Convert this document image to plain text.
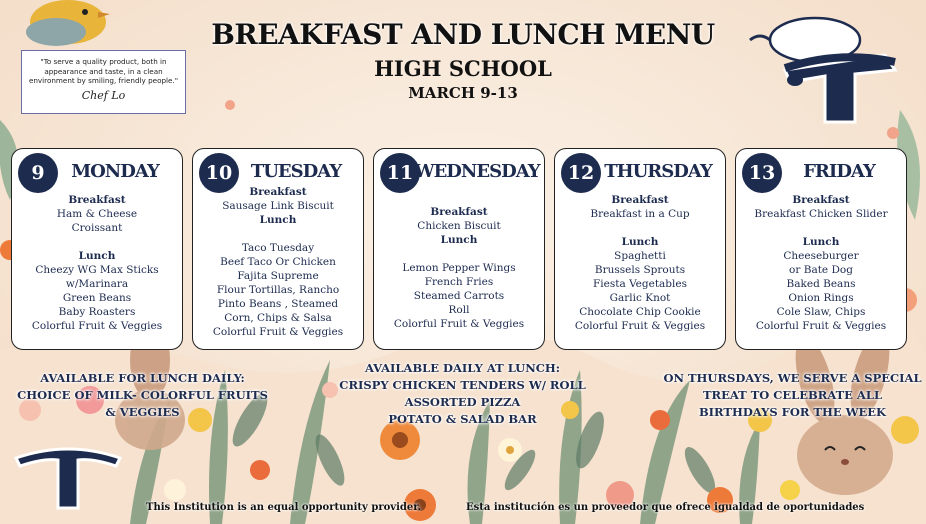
BREAKFAST AND LUNCH MENU
HIGH SCHOOL
MARCH 9-13
"To serve a quality product, both in appearance and taste, in a clean environment by smiling, friendly people."
Chef Lo
9	MONDAY
Breakfast
Ham & Cheese
Croissant
Lunch
Cheezy WG Max Sticks
w/Marinara
Green Beans
Baby Roasters
Colorful Fruit & Veggies
10	TUESDAY
Breakfast
Sausage Link Biscuit
Lunch
Taco Tuesday
Beef Taco Or Chicken
Fajita Supreme
Flour Tortillas, Rancho
Pinto Beans , Steamed
Corn, Chips & Salsa
Colorful Fruit & Veggies
11 WEDNESDAY
Breakfast
Chicken Biscuit
Lunch
Lemon Pepper Wings
French Fries
Steamed Carrots
Roll
Colorful Fruit & Veggies
12 THURSDAY
Breakfast
Breakfast in a Cup
Lunch
Spaghetti
Brussels Sprouts
Fiesta Vegetables
Garlic Knot
Chocolate Chip Cookie
Colorful Fruit & Veggies
13	FRIDAY
Breakfast
Breakfast Chicken Slider
Lunch
Cheeseburger
or Bate Dog
Baked Beans
Onion Rings
Cole Slaw, Chips
Colorful Fruit & Veggies
AVAILABLE FOR LUNCH DAILY:
CHOICE OF MILK- COLORFUL FRUITS
& VEGGIES
AVAILABLE DAILY AT LUNCH:
CRISPY CHICKEN TENDERS W/ ROLL
ASSORTED PIZZA
POTATO & SALAD BAR
ON THURSDAYS, WE SERVE A SPECIAL
TREAT TO CELEBRATE ALL
BIRTHDAYS FOR THE WEEK
This Institution is an equal opportunity provider.	Esta institución es un proveedor que ofrece igualdad de oportunidades
